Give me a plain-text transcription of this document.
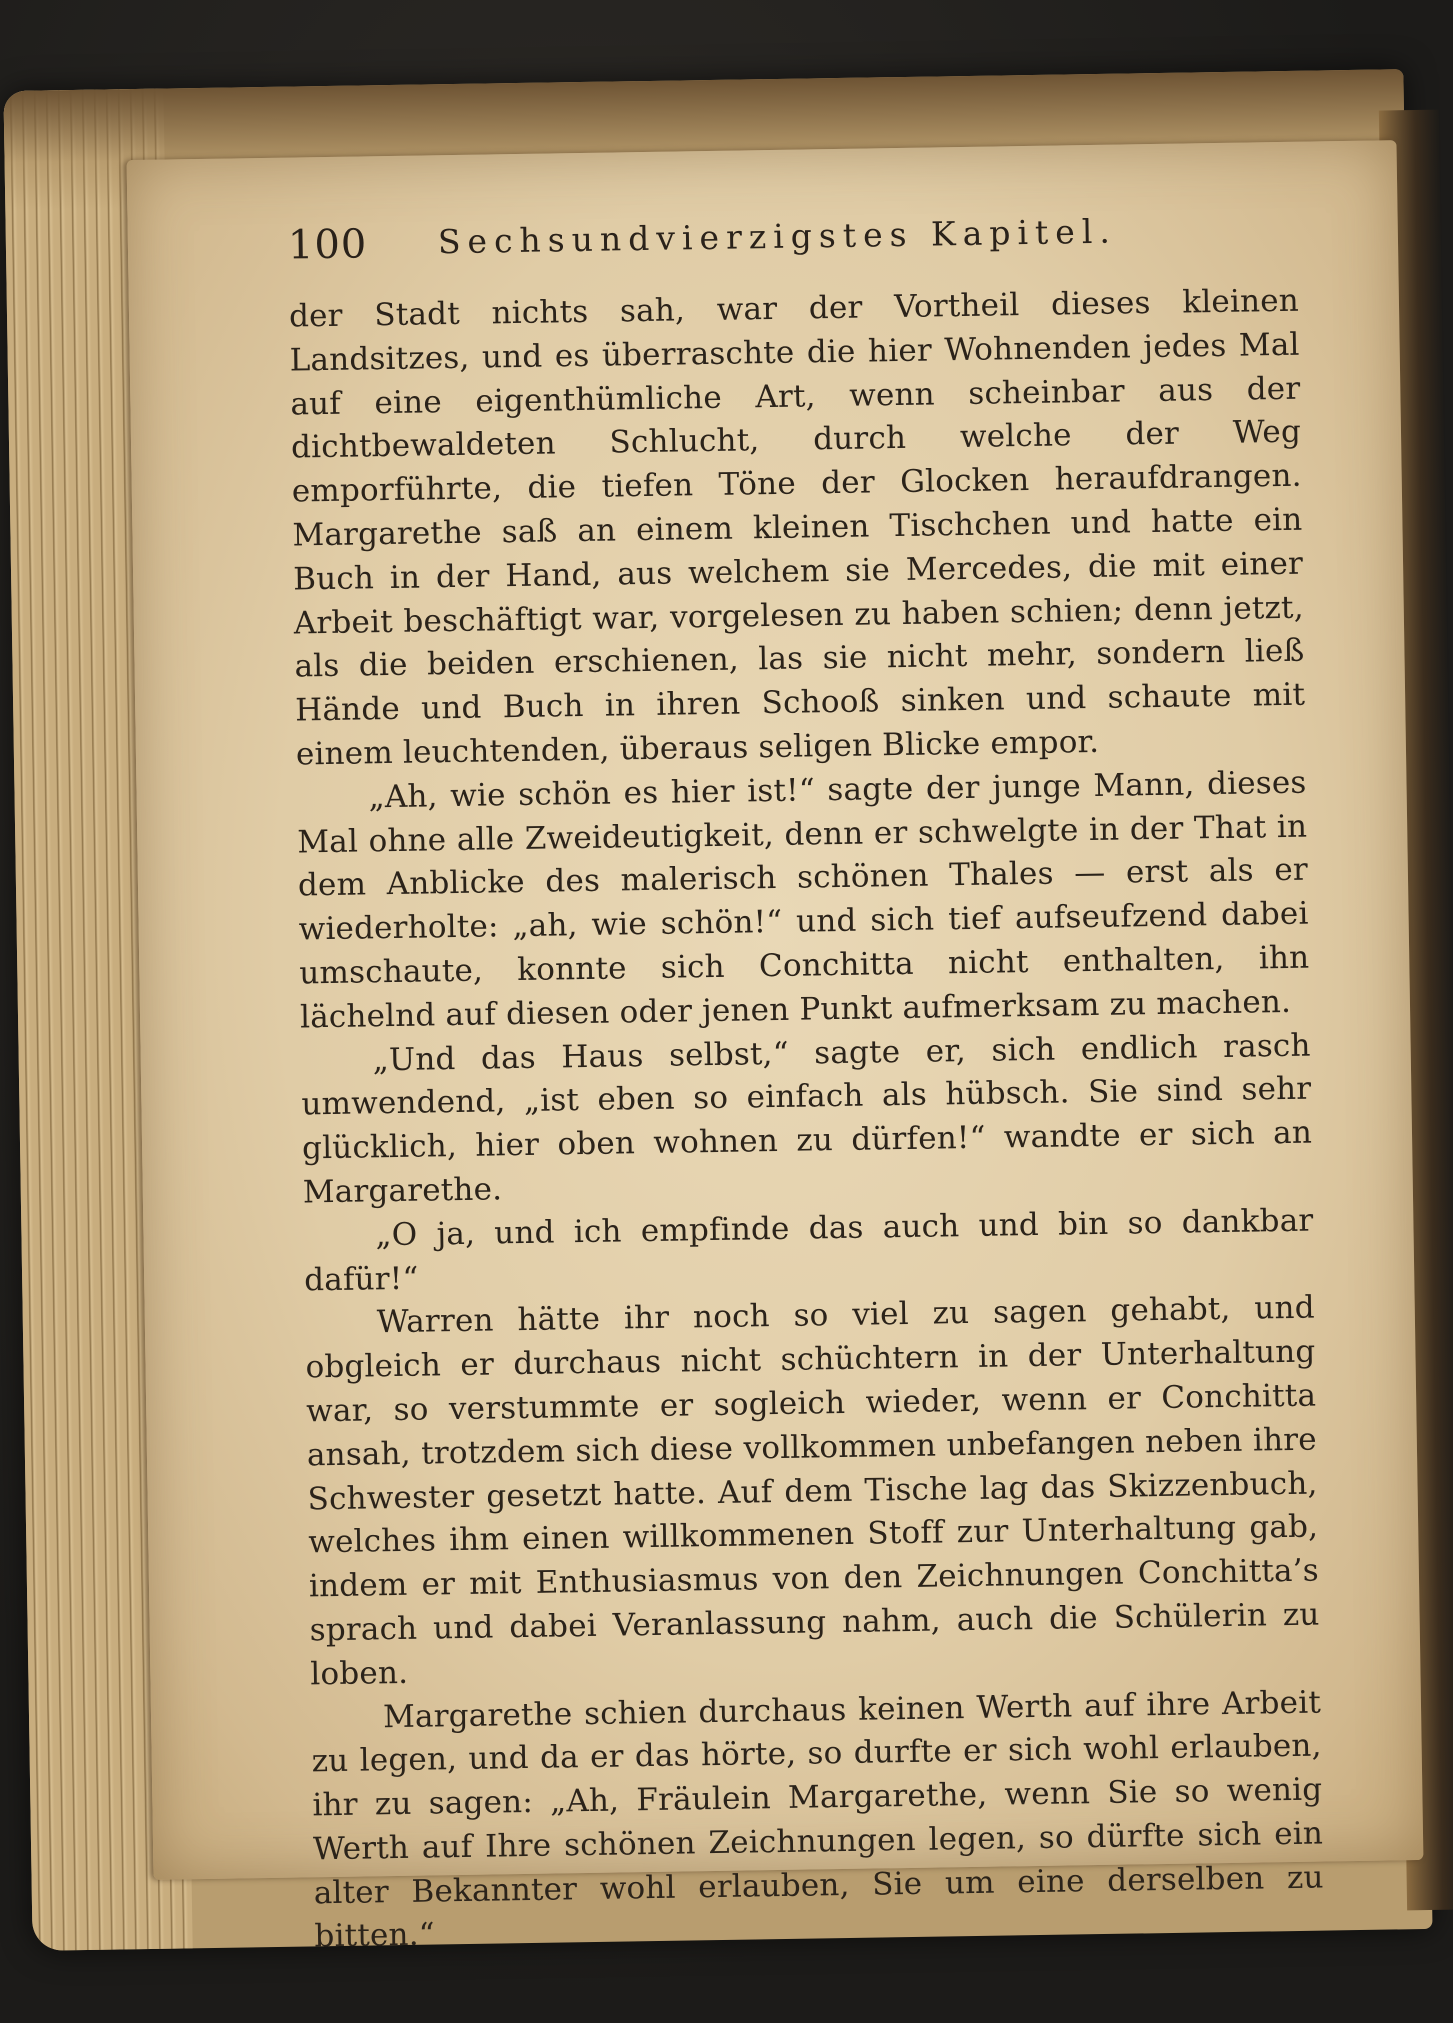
100 Sechsundvierzigstes Kapitel.

der Stadt nichts sah, war der Vortheil dieses kleinen Landsitzes, und es überraschte die hier Wohnenden jedes Mal auf eine eigenthümliche Art, wenn scheinbar aus der dichtbewaldeten Schlucht, durch welche der Weg emporführte, die tiefen Töne der Glocken heraufdrangen. Margarethe saß an einem kleinen Tischchen und hatte ein Buch in der Hand, aus welchem sie Mercedes, die mit einer Arbeit beschäftigt war, vorgelesen zu haben schien; denn jetzt, als die beiden erschienen, las sie nicht mehr, sondern ließ Hände und Buch in ihren Schooß sinken und schaute mit einem leuchtenden, überaus seligen Blicke empor.

„Ah, wie schön es hier ist!“ sagte der junge Mann, dieses Mal ohne alle Zweideutigkeit, denn er schwelgte in der That in dem Anblicke des malerisch schönen Thales — erst als er wiederholte: „ah, wie schön!“ und sich tief aufseufzend dabei umschaute, konnte sich Conchitta nicht enthalten, ihn lächelnd auf diesen oder jenen Punkt aufmerksam zu machen.

„Und das Haus selbst,“ sagte er, sich endlich rasch umwendend, „ist eben so einfach als hübsch. Sie sind sehr glücklich, hier oben wohnen zu dürfen!“ wandte er sich an Margarethe.

„O ja, und ich empfinde das auch und bin so dankbar dafür!“

Warren hätte ihr noch so viel zu sagen gehabt, und obgleich er durchaus nicht schüchtern in der Unterhaltung war, so verstummte er sogleich wieder, wenn er Conchitta ansah, trotzdem sich diese vollkommen unbefangen neben ihre Schwester gesetzt hatte. Auf dem Tische lag das Skizzenbuch, welches ihm einen willkommenen Stoff zur Unterhaltung gab, indem er mit Enthusiasmus von den Zeichnungen Conchitta’s sprach und dabei Veranlassung nahm, auch die Schülerin zu loben.

Margarethe schien durchaus keinen Werth auf ihre Arbeit zu legen, und da er das hörte, so durfte er sich wohl erlauben, ihr zu sagen: „Ah, Fräulein Margarethe, wenn Sie so wenig Werth auf Ihre schönen Zeichnungen legen, so dürfte sich ein alter Bekannter wohl erlauben, Sie um eine derselben zu bitten.“
